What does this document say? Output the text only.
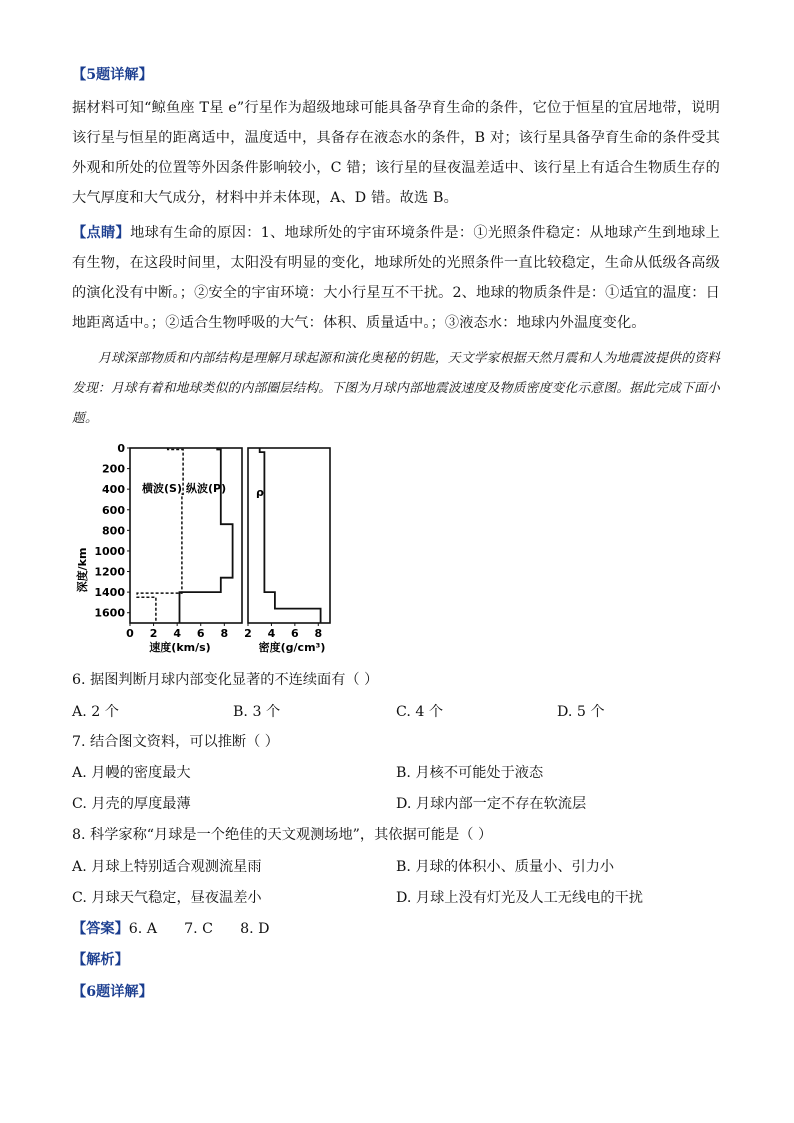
【5题详解】
据材料可知“鲸鱼座 T星 e”行星作为超级地球可能具备孕育生命的条件，它位于恒星的宜居地带，说明该行星与恒星的距离适中，温度适中，具备存在液态水的条件，B 对；该行星具备孕育生命的条件受其外观和所处的位置等外因条件影响较小，C 错；该行星的昼夜温差适中、该行星上有适合生物质生存的大气厚度和大气成分，材料中并未体现，A、D 错。故选 B。
【点睛】地球有生命的原因：1、地球所处的宇宙环境条件是：①光照条件稳定：从地球产生到地球上有生物，在这段时间里，太阳没有明显的变化，地球所处的光照条件一直比较稳定，生命从低级各高级的演化没有中断。；②安全的宇宙环境：大小行星互不干扰。2、地球的物质条件是：①适宜的温度：日地距离适中。；②适合生物呼吸的大气：体积、质量适中。；③液态水：地球内外温度变化。
月球深部物质和内部结构是理解月球起源和演化奥秘的钥匙，天文学家根据天然月震和人为地震波提供的资料发现：月球有着和地球类似的内部圈层结构。下图为月球内部地震波速度及物质密度变化示意图。据此完成下面小题。
0
200
400
600
800
1000
1200
1400
1600
深度/km
0 2 4 6 8 2 4 6 8
横波(S) 纵波(P)	ρ
速度(km/s)	密度(g/cm³)
6. 据图判断月球内部变化显著的不连续面有（ ）
A. 2 个	B. 3 个	C. 4 个	D. 5 个
7. 结合图文资料，可以推断（ ）
A. 月幔的密度最大	B. 月核不可能处于液态
C. 月壳的厚度最薄	D. 月球内部一定不存在软流层
8. 科学家称“月球是一个绝佳的天文观测场地”，其依据可能是（ ）
A. 月球上特别适合观测流星雨	B. 月球的体积小、质量小、引力小
C. 月球天气稳定，昼夜温差小	D. 月球上没有灯光及人工无线电的干扰
【答案】6. A      7. C      8. D
【解析】
【6题详解】
